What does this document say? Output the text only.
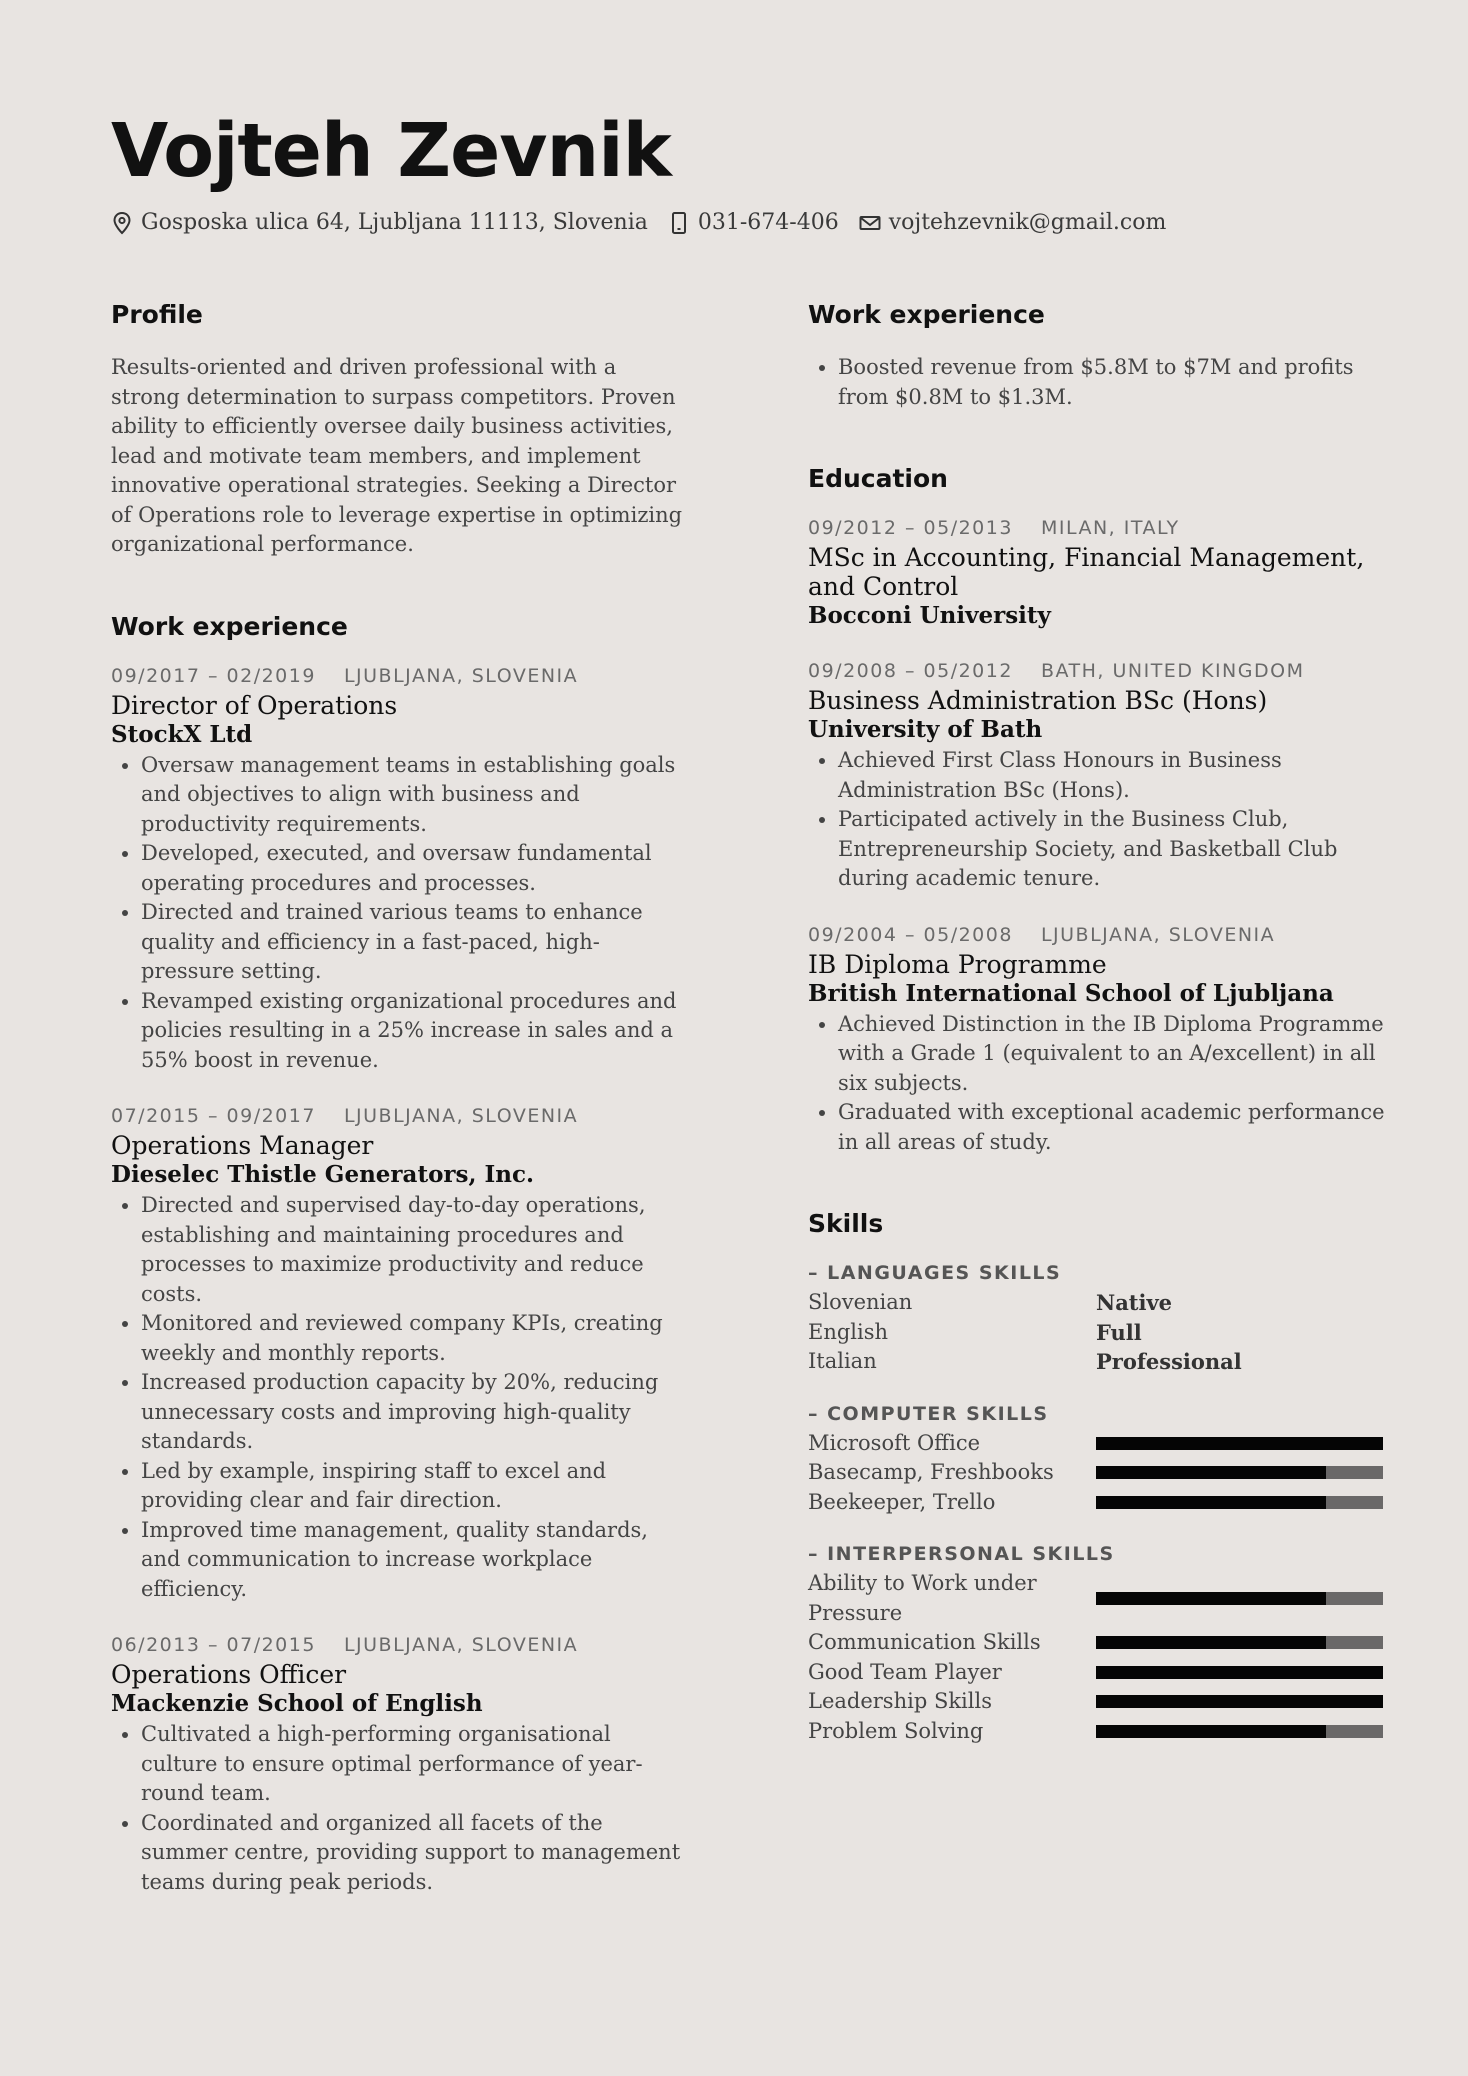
Vojteh Zevnik
Gosposka ulica 64, Ljubljana 11113, Slovenia 031-674-406 vojtehzevnik@gmail.com
Profile

Results-oriented and driven professional with a strong determination to surpass competitors. Proven ability to efficiently oversee daily business activities, lead and motivate team members, and implement innovative operational strategies. Seeking a Director of Operations role to leverage expertise in optimizing organizational performance.

Work experience

09/2017 – 02/2019 LJUBLJANA, SLOVENIA

Director of Operations

StockX Ltd

• Oversaw management teams in establishing goals and objectives to align with business and productivity requirements.
• Developed, executed, and oversaw fundamental operating procedures and processes.
• Directed and trained various teams to enhance quality and efficiency in a fast-paced, high-pressure setting.
• Revamped existing organizational procedures and policies resulting in a 25% increase in sales and a 55% boost in revenue.

07/2015 – 09/2017 LJUBLJANA, SLOVENIA

Operations Manager

Dieselec Thistle Generators, Inc.

• Directed and supervised day-to-day operations, establishing and maintaining procedures and processes to maximize productivity and reduce costs.
• Monitored and reviewed company KPIs, creating weekly and monthly reports.
• Increased production capacity by 20%, reducing unnecessary costs and improving high-quality standards.
• Led by example, inspiring staff to excel and providing clear and fair direction.
• Improved time management, quality standards, and communication to increase workplace efficiency.

06/2013 – 07/2015 LJUBLJANA, SLOVENIA

Operations Officer

Mackenzie School of English

• Cultivated a high-performing organisational culture to ensure optimal performance of year-round team.
• Coordinated and organized all facets of the summer centre, providing support to management teams during peak periods.
Work experience
• Boosted revenue from $5.8M to $7M and profits from $0.8M to $1.3M.
Education

09/2012 – 05/2013 MILAN, ITALY

MSc in Accounting, Financial Management, and Control

Bocconi University

09/2008 – 05/2012 BATH, UNITED KINGDOM

Business Administration BSc (Hons)

University of Bath

• Achieved First Class Honours in Business Administration BSc (Hons).
• Participated actively in the Business Club, Entrepreneurship Society, and Basketball Club during academic tenure.

09/2004 – 05/2008 LJUBLJANA, SLOVENIA

IB Diploma Programme

British International School of Ljubljana

• Achieved Distinction in the IB Diploma Programme with a Grade 1 (equivalent to an A/excellent) in all six subjects.
• Graduated with exceptional academic performance in all areas of study.
Skills

– LANGUAGES SKILLS

Slovenian	Native
English	Full
Italian	Professional

– COMPUTER SKILLS

Microsoft Office
Basecamp, Freshbooks
Beekeeper, Trello

– INTERPERSONAL SKILLS

Ability to Work under Pressure
Communication Skills
Good Team Player
Leadership Skills
Problem Solving
